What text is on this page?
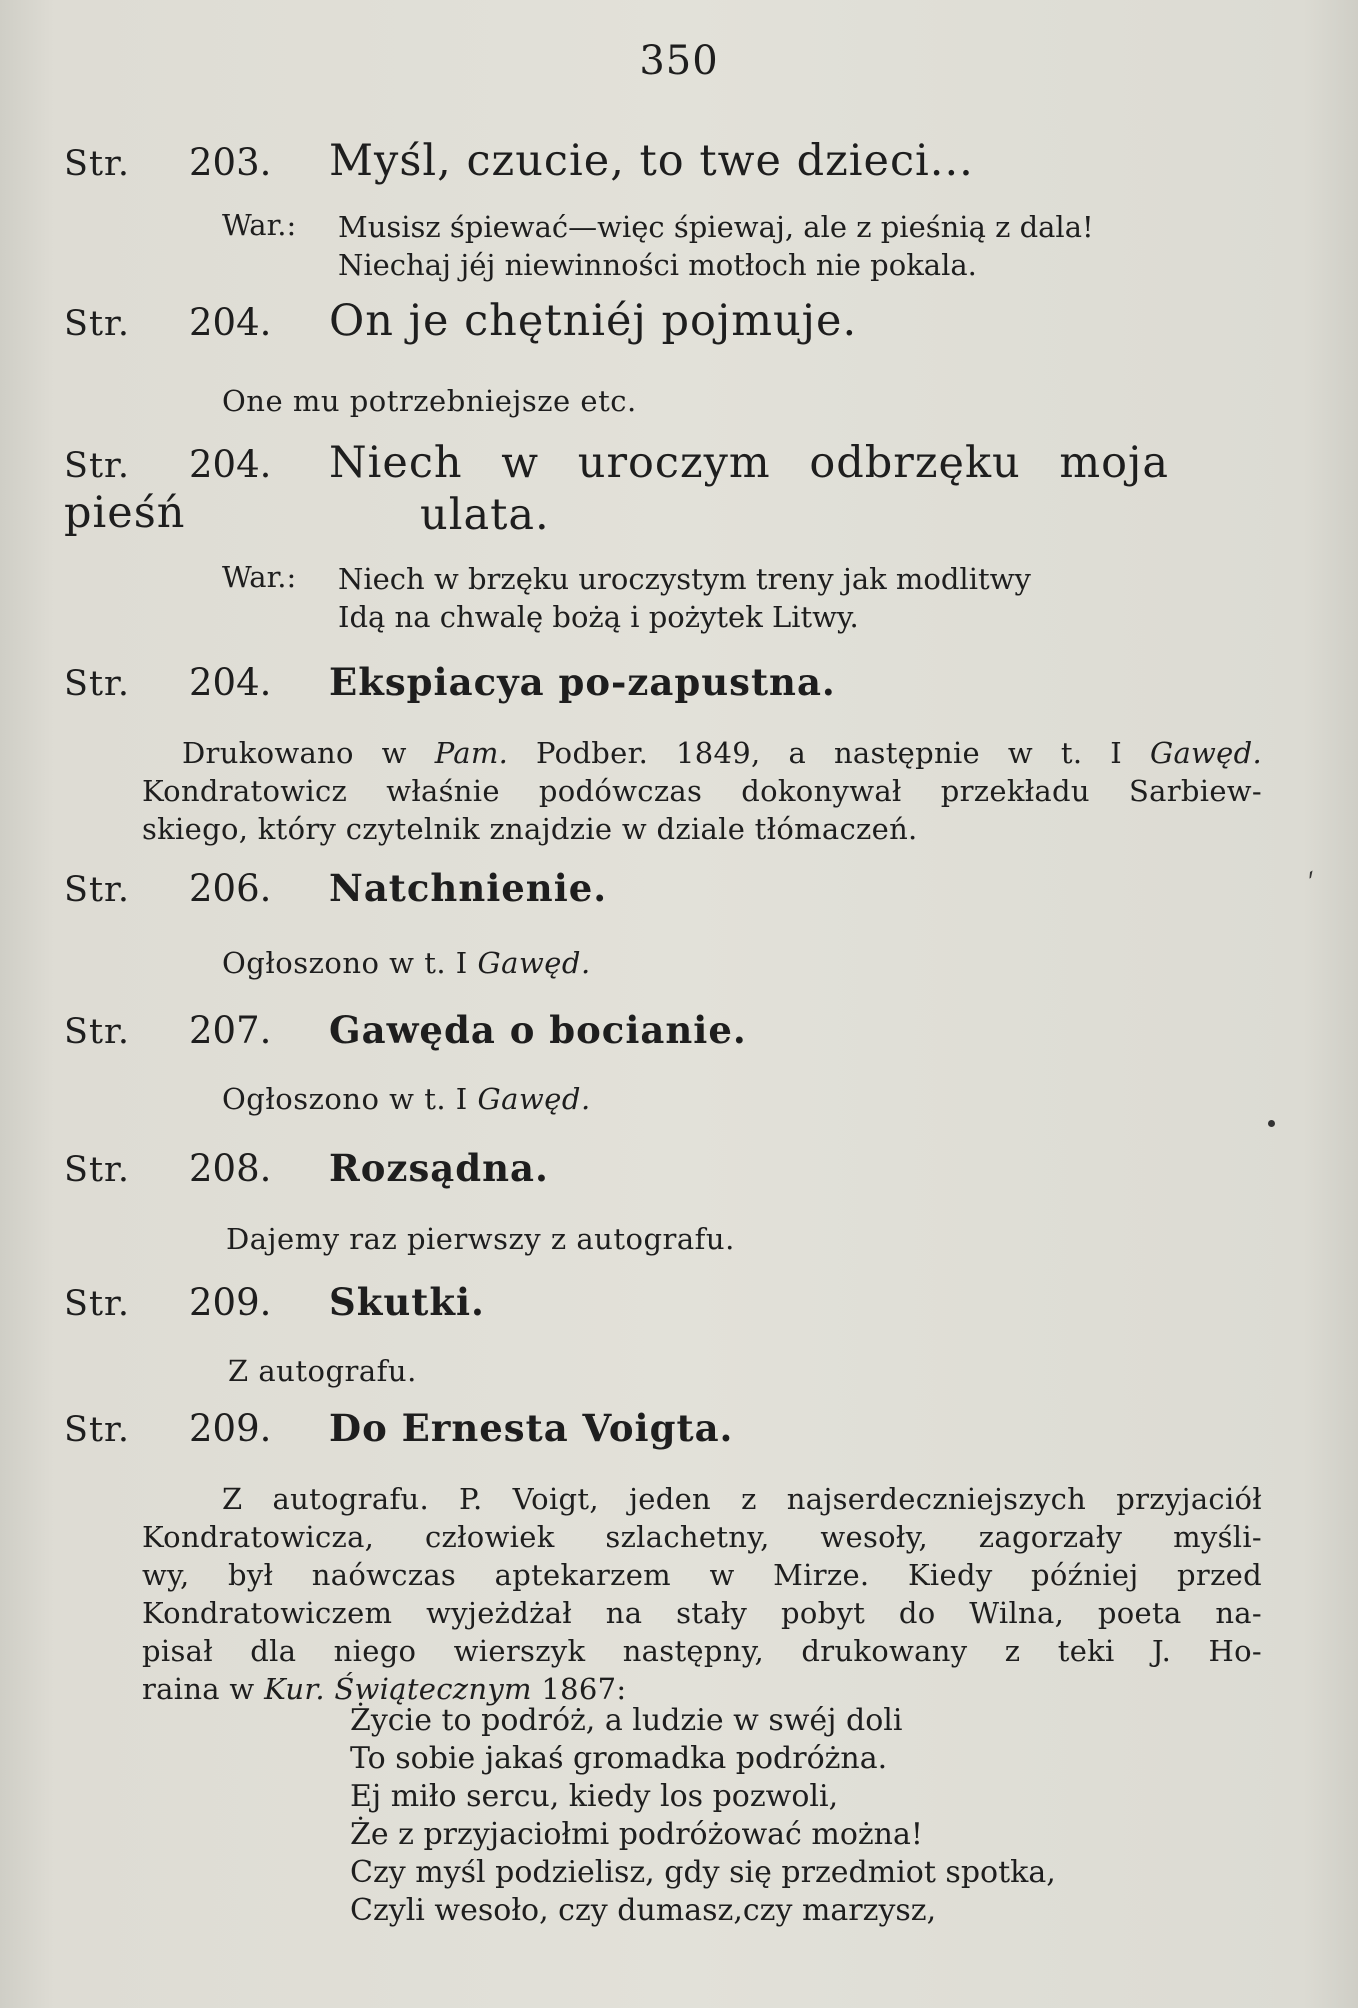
350
Str. 203. Myśl, czucie, to twe dzieci...
War.: Musisz śpiewać—więc śpiewaj, ale z pieśnią z dala!
Niechaj jéj niewinności motłoch nie pokala.
Str. 204. On je chętniéj pojmuje.
One mu potrzebniejsze etc.
Str. 204. Niech w uroczym odbrzęku moja pieśń	ulata.
War.: Niech w brzęku uroczystym treny jak modlitwy
Idą na chwalę bożą i pożytek Litwy.
Str. 204. Ekspiacya po-zapustna.
Drukowano w Pam. Podber. 1849, a następnie w t. I Gawęd.
Kondratowicz właśnie podówczas dokonywał przekładu Sarbiew-
skiego, który czytelnik znajdzie w dziale tłómaczeń.
Str. 206. Natchnienie.
Ogłoszono w t. I Gawęd.
Str. 207. Gawęda o bocianie.
Ogłoszono w t. I Gawęd.
Str. 208. Rozsądna.
Dajemy raz pierwszy z autografu.
Str. 209. Skutki.
Z autografu.
Str. 209. Do Ernesta Voigta.
Z autografu. P. Voigt, jeden z najserdeczniejszych przyjaciół
Kondratowicza, człowiek szlachetny, wesoły, zagorzały myśli-
wy, był naówczas aptekarzem w Mirze. Kiedy później przed
Kondratowiczem wyjeżdżał na stały pobyt do Wilna, poeta na-
pisał dla niego wierszyk następny, drukowany z teki J. Ho-
raina w Kur. Świątecznym 1867:
Życie to podróż, a ludzie w swéj doli
To sobie jakaś gromadka podróżna.
Ej miło sercu, kiedy los pozwoli,
Że z przyjaciołmi podróżować można!
Czy myśl podzielisz, gdy się przedmiot spotka,
Czyli wesoło, czy dumasz,czy marzysz,
ˊ
